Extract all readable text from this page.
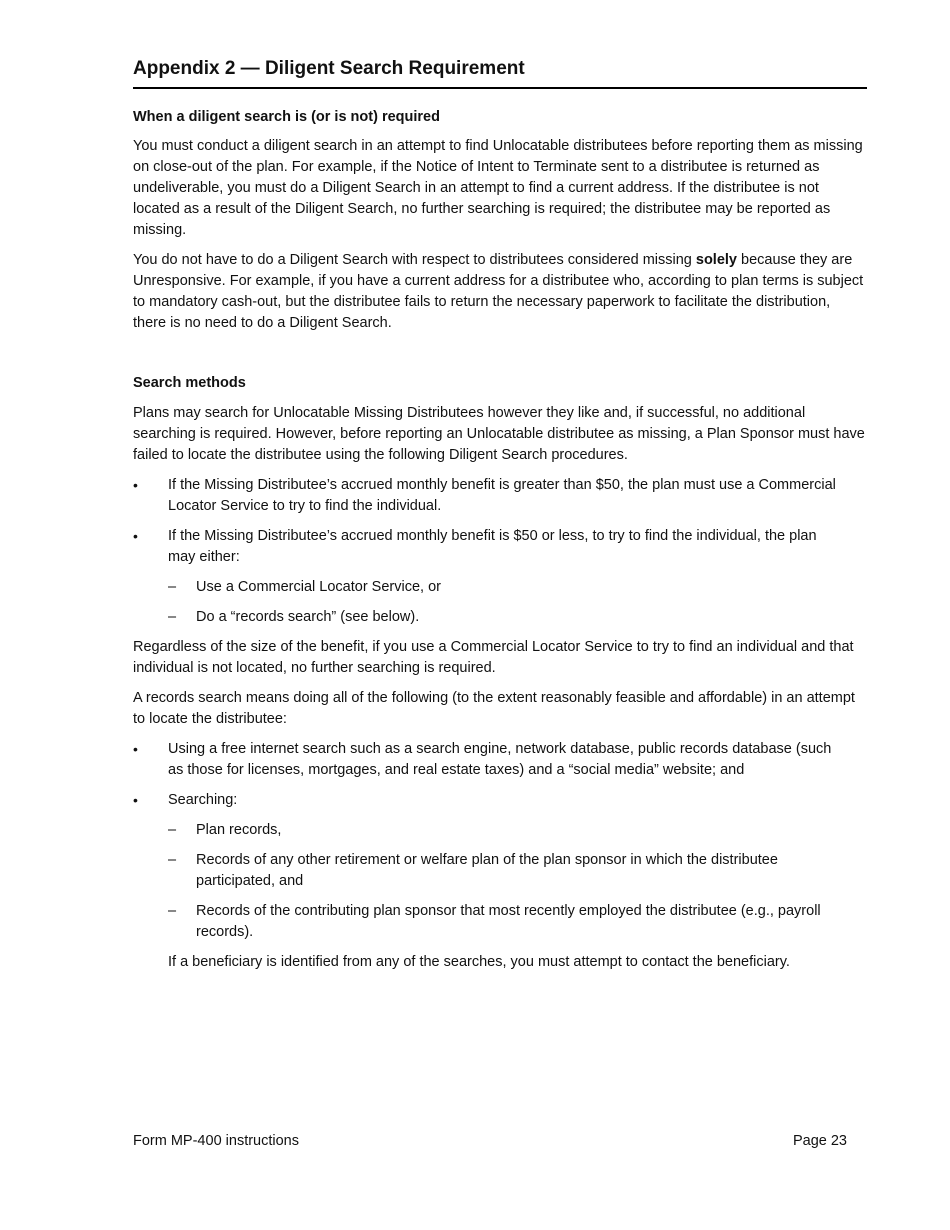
Appendix 2 — Diligent Search Requirement
When a diligent search is (or is not) required

You must conduct a diligent search in an attempt to find Unlocatable distributees before reporting them as missing on close-out of the plan. For example, if the Notice of Intent to Terminate sent to a distributee is returned as undeliverable, you must do a Diligent Search in an attempt to find a current address. If the distributee is not located as a result of the Diligent Search, no further searching is required; the distributee may be reported as missing.

You do not have to do a Diligent Search with respect to distributees considered missing solely because they are Unresponsive. For example, if you have a current address for a distributee who, according to plan terms is subject to mandatory cash-out, but the distributee fails to return the necessary paperwork to facilitate the distribution, there is no need to do a Diligent Search.

Search methods

Plans may search for Unlocatable Missing Distributees however they like and, if successful, no additional searching is required. However, before reporting an Unlocatable distributee as missing, a Plan Sponsor must have failed to locate the distributee using the following Diligent Search procedures.

• If the Missing Distributee’s accrued monthly benefit is greater than $50, the plan must use a Commercial Locator Service to try to find the individual.
• If the Missing Distributee’s accrued monthly benefit is $50 or less, to try to find the individual, the plan may either:
– Use a Commercial Locator Service, or
– Do a “records search” (see below).

Regardless of the size of the benefit, if you use a Commercial Locator Service to try to find an individual and that individual is not located, no further searching is required.

A records search means doing all of the following (to the extent reasonably feasible and affordable) in an attempt to locate the distributee:

• Using a free internet search such as a search engine, network database, public records database (such as those for licenses, mortgages, and real estate taxes) and a “social media” website; and
• Searching:
– Plan records,
– Records of any other retirement or welfare plan of the plan sponsor in which the distributee participated, and
– Records of the contributing plan sponsor that most recently employed the distributee (e.g., payroll records).

If a beneficiary is identified from any of the searches, you must attempt to contact the beneficiary.

Form MP-400 instructions	Page 23
